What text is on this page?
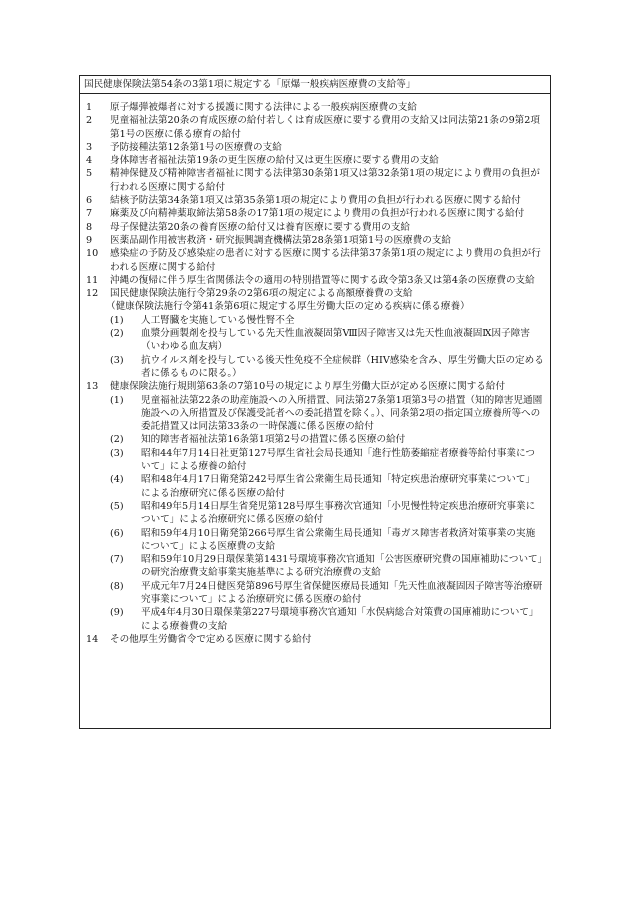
国民健康保険法第54条の3第1項に規定する「原爆一般疾病医療費の支給等」
1	原子爆弾被爆者に対する援護に関する法律による一般疾病医療費の支給
2	児童福祉法第20条の育成医療の給付若しくは育成医療に要する費用の支給又は同法第21条の9第2項第1号の医療に係る療育の給付
3	予防接種法第12条第1号の医療費の支給
4	身体障害者福祉法第19条の更生医療の給付又は更生医療に要する費用の支給
5	精神保健及び精神障害者福祉に関する法律第30条第1項又は第32条第1項の規定により費用の負担が行われる医療に関する給付
6	結核予防法第34条第1項又は第35条第1項の規定により費用の負担が行われる医療に関する給付
7	麻薬及び向精神薬取締法第58条の17第1項の規定により費用の負担が行われる医療に関する給付
8	母子保健法第20条の養育医療の給付又は養育医療に要する費用の支給
9	医薬品副作用被害救済・研究振興調査機構法第28条第1項第1号の医療費の支給
10	感染症の予防及び感染症の患者に対する医療に関する法律第37条第1項の規定により費用の負担が行われる医療に関する給付
11	沖縄の復帰に伴う厚生省関係法令の適用の特別措置等に関する政令第3条又は第4条の医療費の支給
12	国民健康保険法施行令第29条の2第6項の規定による高額療養費の支給
（健康保険法施行令第41条第6項に規定する厚生労働大臣の定める疾病に係る療養）
(1)	人工腎臓を実施している慢性腎不全
(2)	血漿分画製剤を投与している先天性血液凝固第Ⅷ因子障害又は先天性血液凝固Ⅸ因子障害（いわゆる血友病）
(3)	抗ウイルス剤を投与している後天性免疫不全症候群（HIV感染を含み、厚生労働大臣の定める者に係るものに限る。）
13	健康保険法施行規則第63条の7第10号の規定により厚生労働大臣が定める医療に関する給付
(1)	児童福祉法第22条の助産施設への入所措置、同法第27条第1項第3号の措置（知的障害児通園施設への入所措置及び保護受託者への委託措置を除く。）、同条第2項の指定国立療養所等への委託措置又は同法第33条の一時保護に係る医療の給付
(2)	知的障害者福祉法第16条第1項第2号の措置に係る医療の給付
(3)	昭和44年7月14日社更第127号厚生省社会局長通知「進行性筋萎縮症者療養等給付事業について」による療養の給付
(4)	昭和48年4月17日衛発第242号厚生省公衆衛生局長通知「特定疾患治療研究事業について」による治療研究に係る医療の給付
(5)	昭和49年5月14日厚生省発児第128号厚生事務次官通知「小児慢性特定疾患治療研究事業について」による治療研究に係る医療の給付
(6)	昭和59年4月10日衛発第266号厚生省公衆衛生局長通知「毒ガス障害者救済対策事業の実施について」による医療費の支給
(7)	昭和59年10月29日環保業第1431号環境事務次官通知「公害医療研究費の国庫補助について」の研究治療費支給事業実施基準による研究治療費の支給
(8)	平成元年7月24日健医発第896号厚生省保健医療局長通知「先天性血液凝固因子障害等治療研究事業について」による治療研究に係る医療の給付
(9)	平成4年4月30日環保業第227号環境事務次官通知「水俣病総合対策費の国庫補助について」による療養費の支給
14	その他厚生労働省令で定める医療に関する給付
